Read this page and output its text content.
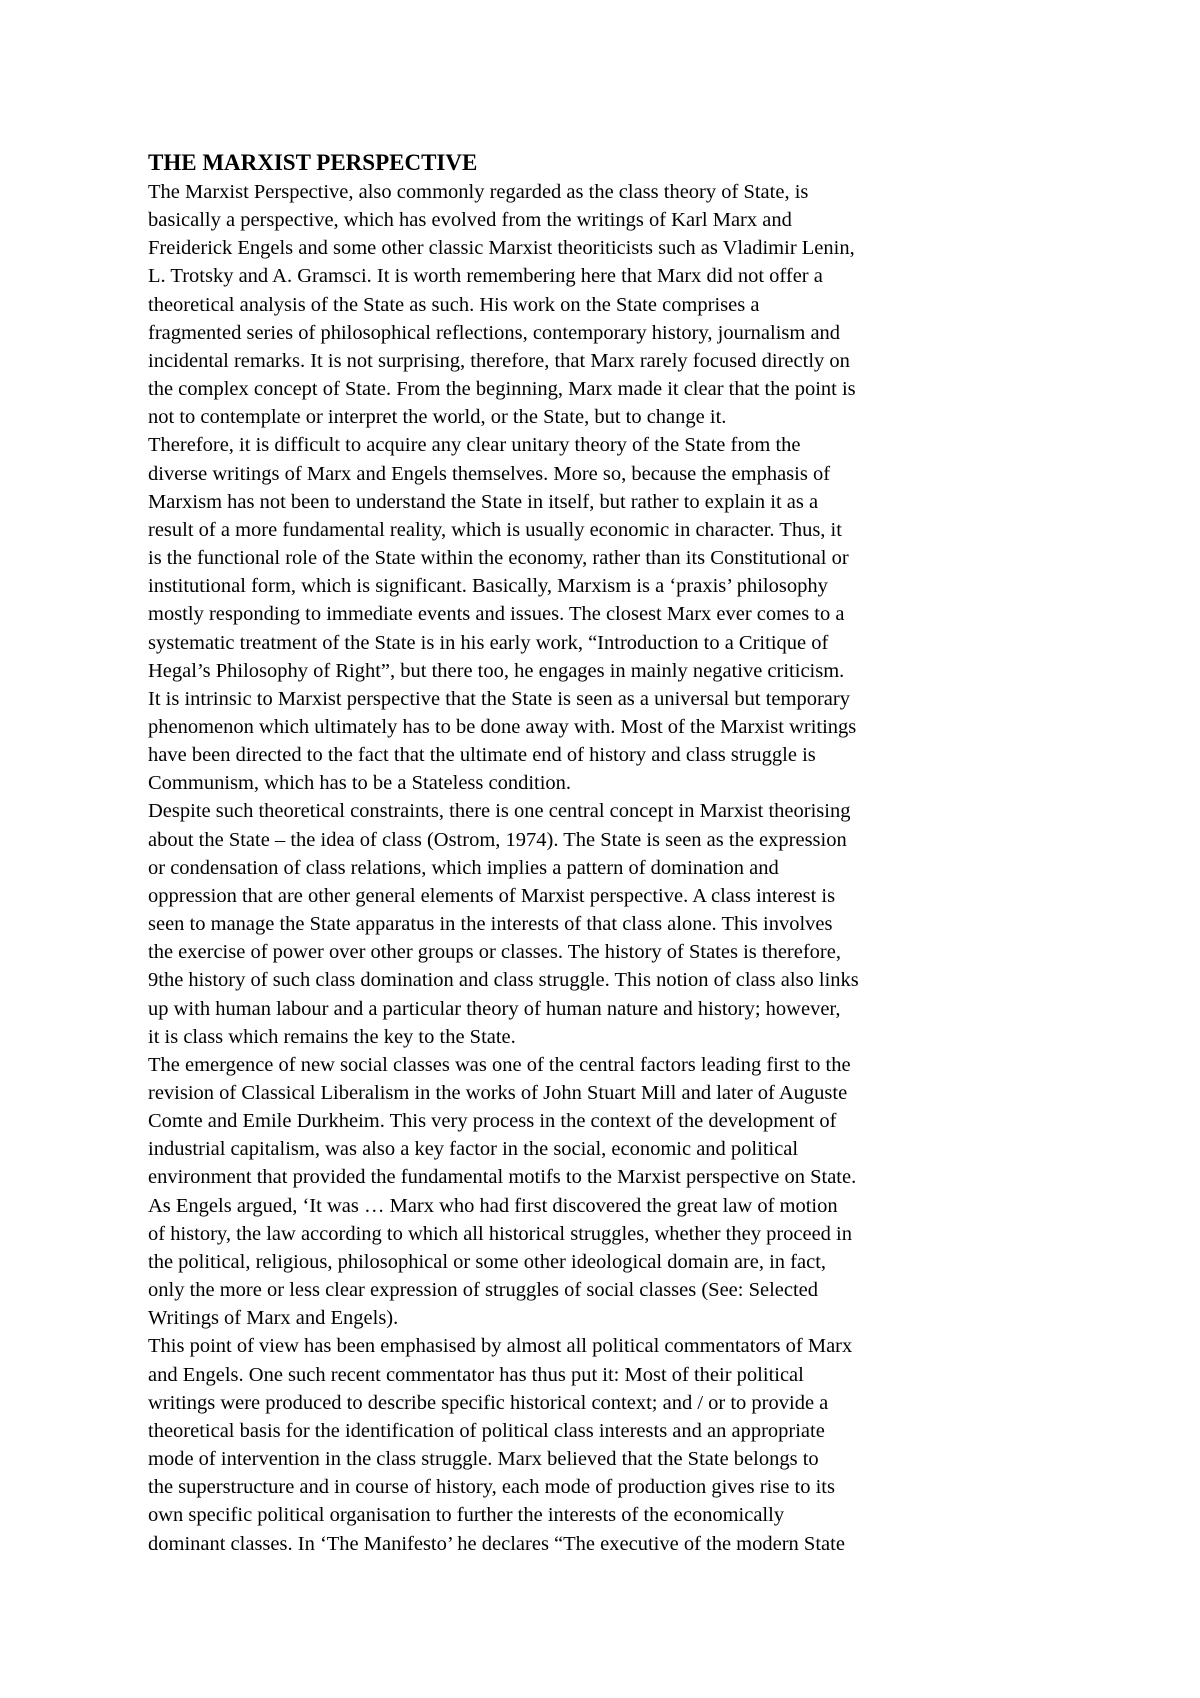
THE MARXIST PERSPECTIVE

The Marxist Perspective, also commonly regarded as the class theory of State, is

basically a perspective, which has evolved from the writings of Karl Marx and

Freiderick Engels and some other classic Marxist theoriticists such as Vladimir Lenin,

L. Trotsky and A. Gramsci. It is worth remembering here that Marx did not offer a

theoretical analysis of the State as such. His work on the State comprises a

fragmented series of philosophical reflections, contemporary history, journalism and

incidental remarks. It is not surprising, therefore, that Marx rarely focused directly on

the complex concept of State. From the beginning, Marx made it clear that the point is

not to contemplate or interpret the world, or the State, but to change it.

Therefore, it is difficult to acquire any clear unitary theory of the State from the

diverse writings of Marx and Engels themselves. More so, because the emphasis of

Marxism has not been to understand the State in itself, but rather to explain it as a

result of a more fundamental reality, which is usually economic in character. Thus, it

is the functional role of the State within the economy, rather than its Constitutional or

institutional form, which is significant. Basically, Marxism is a ‘praxis’ philosophy

mostly responding to immediate events and issues. The closest Marx ever comes to a

systematic treatment of the State is in his early work, “Introduction to a Critique of

Hegal’s Philosophy of Right”, but there too, he engages in mainly negative criticism.

It is intrinsic to Marxist perspective that the State is seen as a universal but temporary

phenomenon which ultimately has to be done away with. Most of the Marxist writings

have been directed to the fact that the ultimate end of history and class struggle is

Communism, which has to be a Stateless condition.

Despite such theoretical constraints, there is one central concept in Marxist theorising

about the State – the idea of class (Ostrom, 1974). The State is seen as the expression

or condensation of class relations, which implies a pattern of domination and

oppression that are other general elements of Marxist perspective. A class interest is

seen to manage the State apparatus in the interests of that class alone. This involves

the exercise of power over other groups or classes. The history of States is therefore,

9the history of such class domination and class struggle. This notion of class also links

up with human labour and a particular theory of human nature and history; however,

it is class which remains the key to the State.

The emergence of new social classes was one of the central factors leading first to the

revision of Classical Liberalism in the works of John Stuart Mill and later of Auguste

Comte and Emile Durkheim. This very process in the context of the development of

industrial capitalism, was also a key factor in the social, economic and political

environment that provided the fundamental motifs to the Marxist perspective on State.

As Engels argued, ‘It was … Marx who had first discovered the great law of motion

of history, the law according to which all historical struggles, whether they proceed in

the political, religious, philosophical or some other ideological domain are, in fact,

only the more or less clear expression of struggles of social classes (See: Selected

Writings of Marx and Engels).

This point of view has been emphasised by almost all political commentators of Marx

and Engels. One such recent commentator has thus put it: Most of their political

writings were produced to describe specific historical context; and / or to provide a

theoretical basis for the identification of political class interests and an appropriate

mode of intervention in the class struggle. Marx believed that the State belongs to

the superstructure and in course of history, each mode of production gives rise to its

own specific political organisation to further the interests of the economically

dominant classes. In ‘The Manifesto’ he declares “The executive of the modern State
